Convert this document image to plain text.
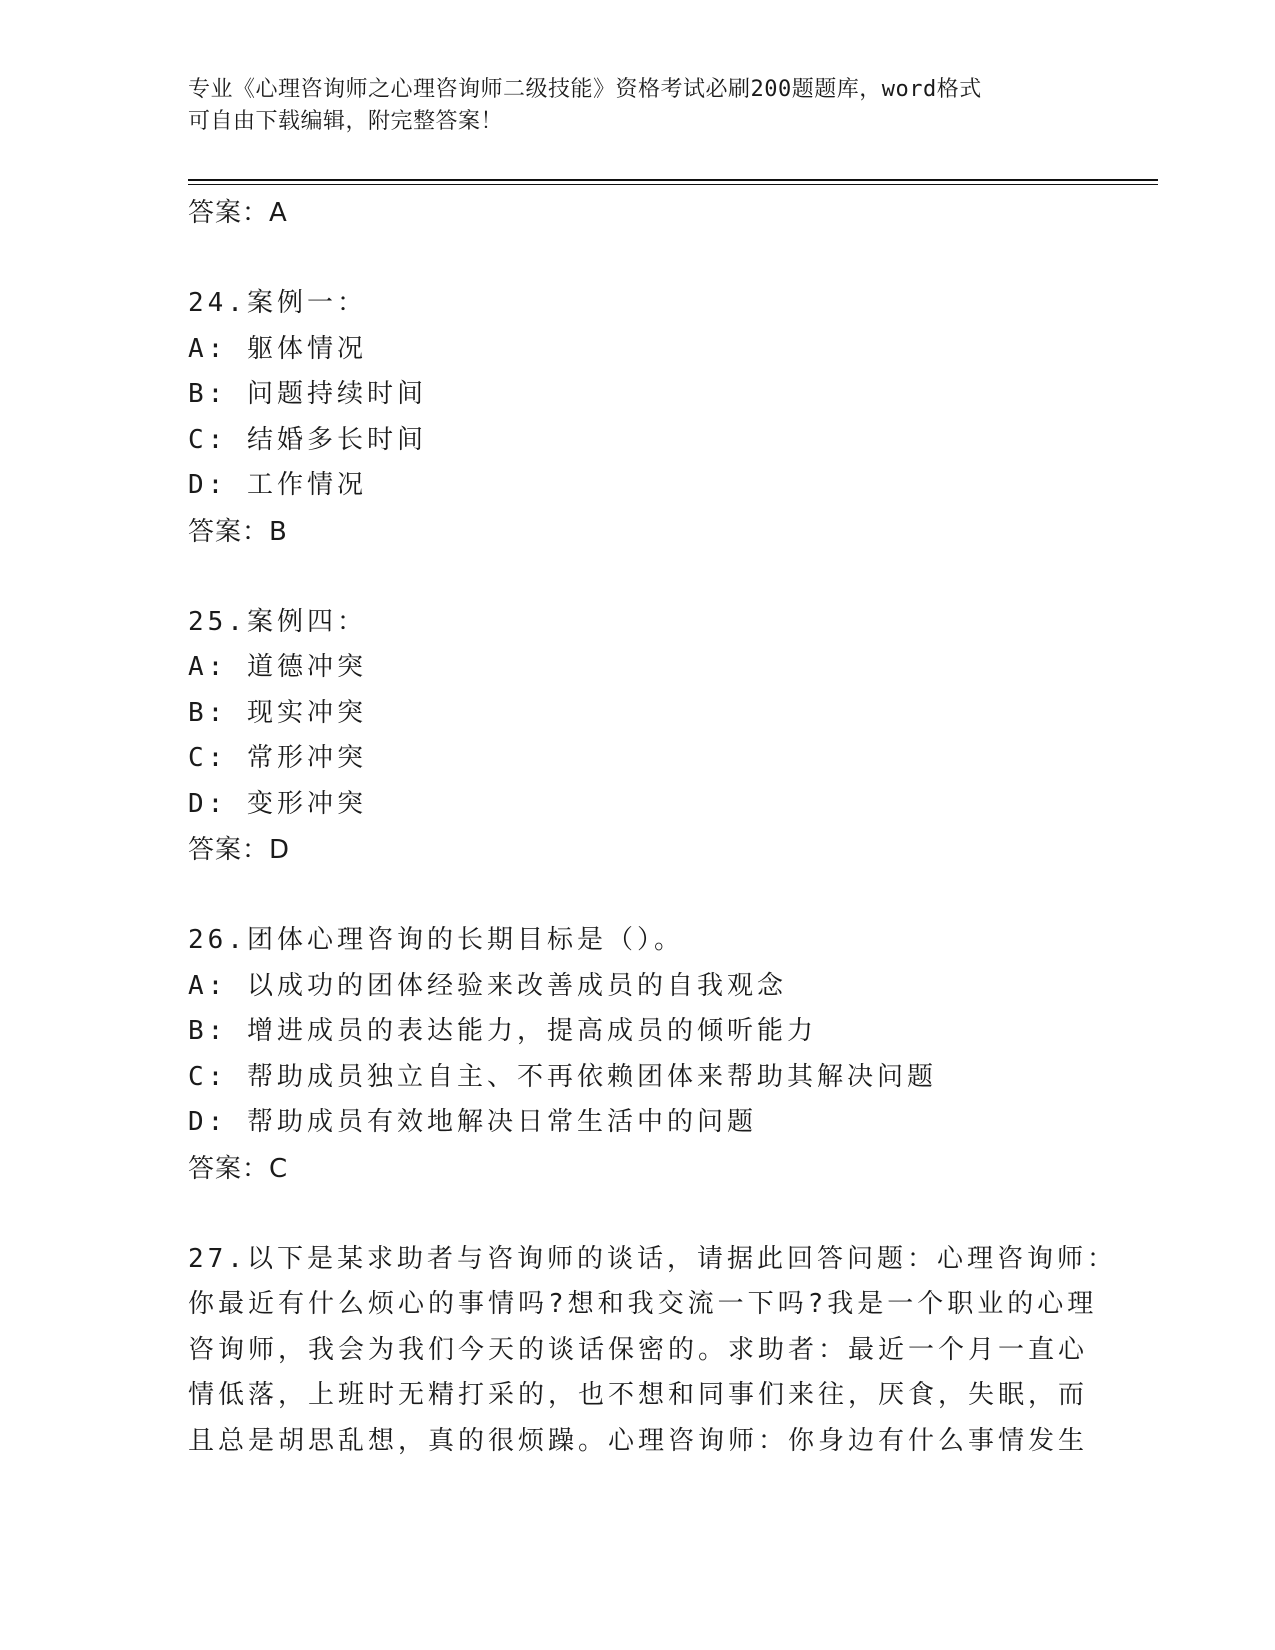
专业《心理咨询师之心理咨询师二级技能》资格考试必刷200题题库，word格式
可自由下载编辑，附完整答案！
答案：A
24.案例一：
A: 躯体情况
B: 问题持续时间
C: 结婚多长时间
D: 工作情况
答案：B
25.案例四：
A: 道德冲突
B: 现实冲突
C: 常形冲突
D: 变形冲突
答案：D
26.团体心理咨询的长期目标是（）。
A: 以成功的团体经验来改善成员的自我观念
B: 增进成员的表达能力，提高成员的倾听能力
C: 帮助成员独立自主、不再依赖团体来帮助其解决问题
D: 帮助成员有效地解决日常生活中的问题
答案：C
27.以下是某求助者与咨询师的谈话，请据此回答问题：心理咨询师：
你最近有什么烦心的事情吗?想和我交流一下吗?我是一个职业的心理
咨询师，我会为我们今天的谈话保密的。求助者：最近一个月一直心
情低落，上班时无精打采的，也不想和同事们来往，厌食，失眠，而
且总是胡思乱想，真的很烦躁。心理咨询师：你身边有什么事情发生
